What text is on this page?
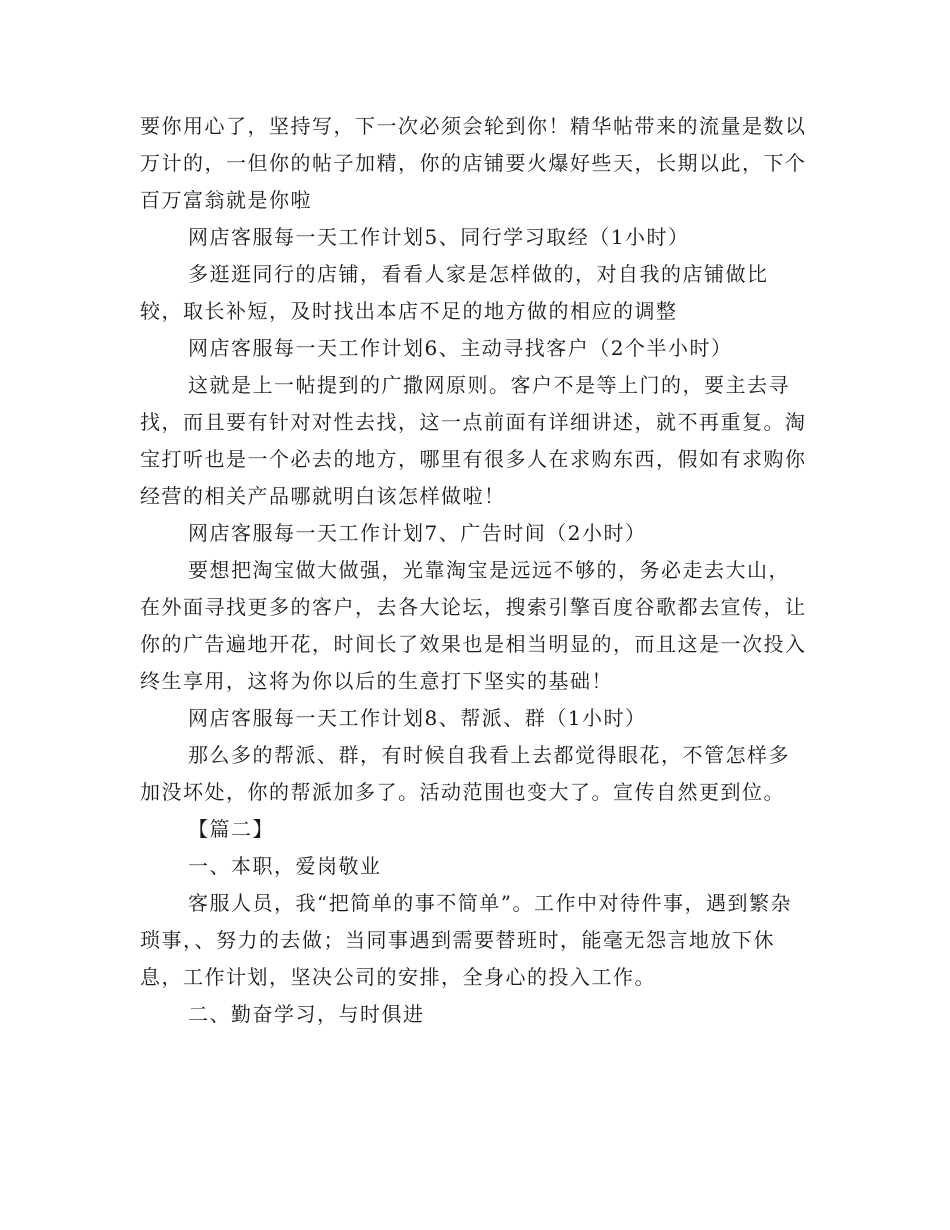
要你用心了，坚持写，下一次必须会轮到你！精华帖带来的流量是数以万计的，一但你的帖子加精，你的店铺要火爆好些天，长期以此，下个百万富翁就是你啦

网店客服每一天工作计划5、同行学习取经（1小时）

多逛逛同行的店铺，看看人家是怎样做的，对自我的店铺做比较，取长补短，及时找出本店不足的地方做的相应的调整

网店客服每一天工作计划6、主动寻找客户（2个半小时）

这就是上一帖提到的广撒网原则。客户不是等上门的，要主去寻找，而且要有针对对性去找，这一点前面有详细讲述，就不再重复。淘宝打听也是一个必去的地方，哪里有很多人在求购东西，假如有求购你经营的相关产品哪就明白该怎样做啦！

网店客服每一天工作计划7、广告时间（2小时）

要想把淘宝做大做强，光靠淘宝是远远不够的，务必走去大山，在外面寻找更多的客户，去各大论坛，搜索引擎百度谷歌都去宣传，让你的广告遍地开花，时间长了效果也是相当明显的，而且这是一次投入终生享用，这将为你以后的生意打下坚实的基础！

网店客服每一天工作计划8、帮派、群（1小时）

那么多的帮派、群，有时候自我看上去都觉得眼花，不管怎样多加没坏处，你的帮派加多了。活动范围也变大了。宣传自然更到位。

【篇二】

一、本职，爱岗敬业

客服人员，我“把简单的事不简单”。工作中对待件事，遇到繁杂琐事，、努力的去做；当同事遇到需要替班时，能毫无怨言地放下休息，工作计划，坚决公司的安排，全身心的投入工作。

二、勤奋学习，与时俱进
